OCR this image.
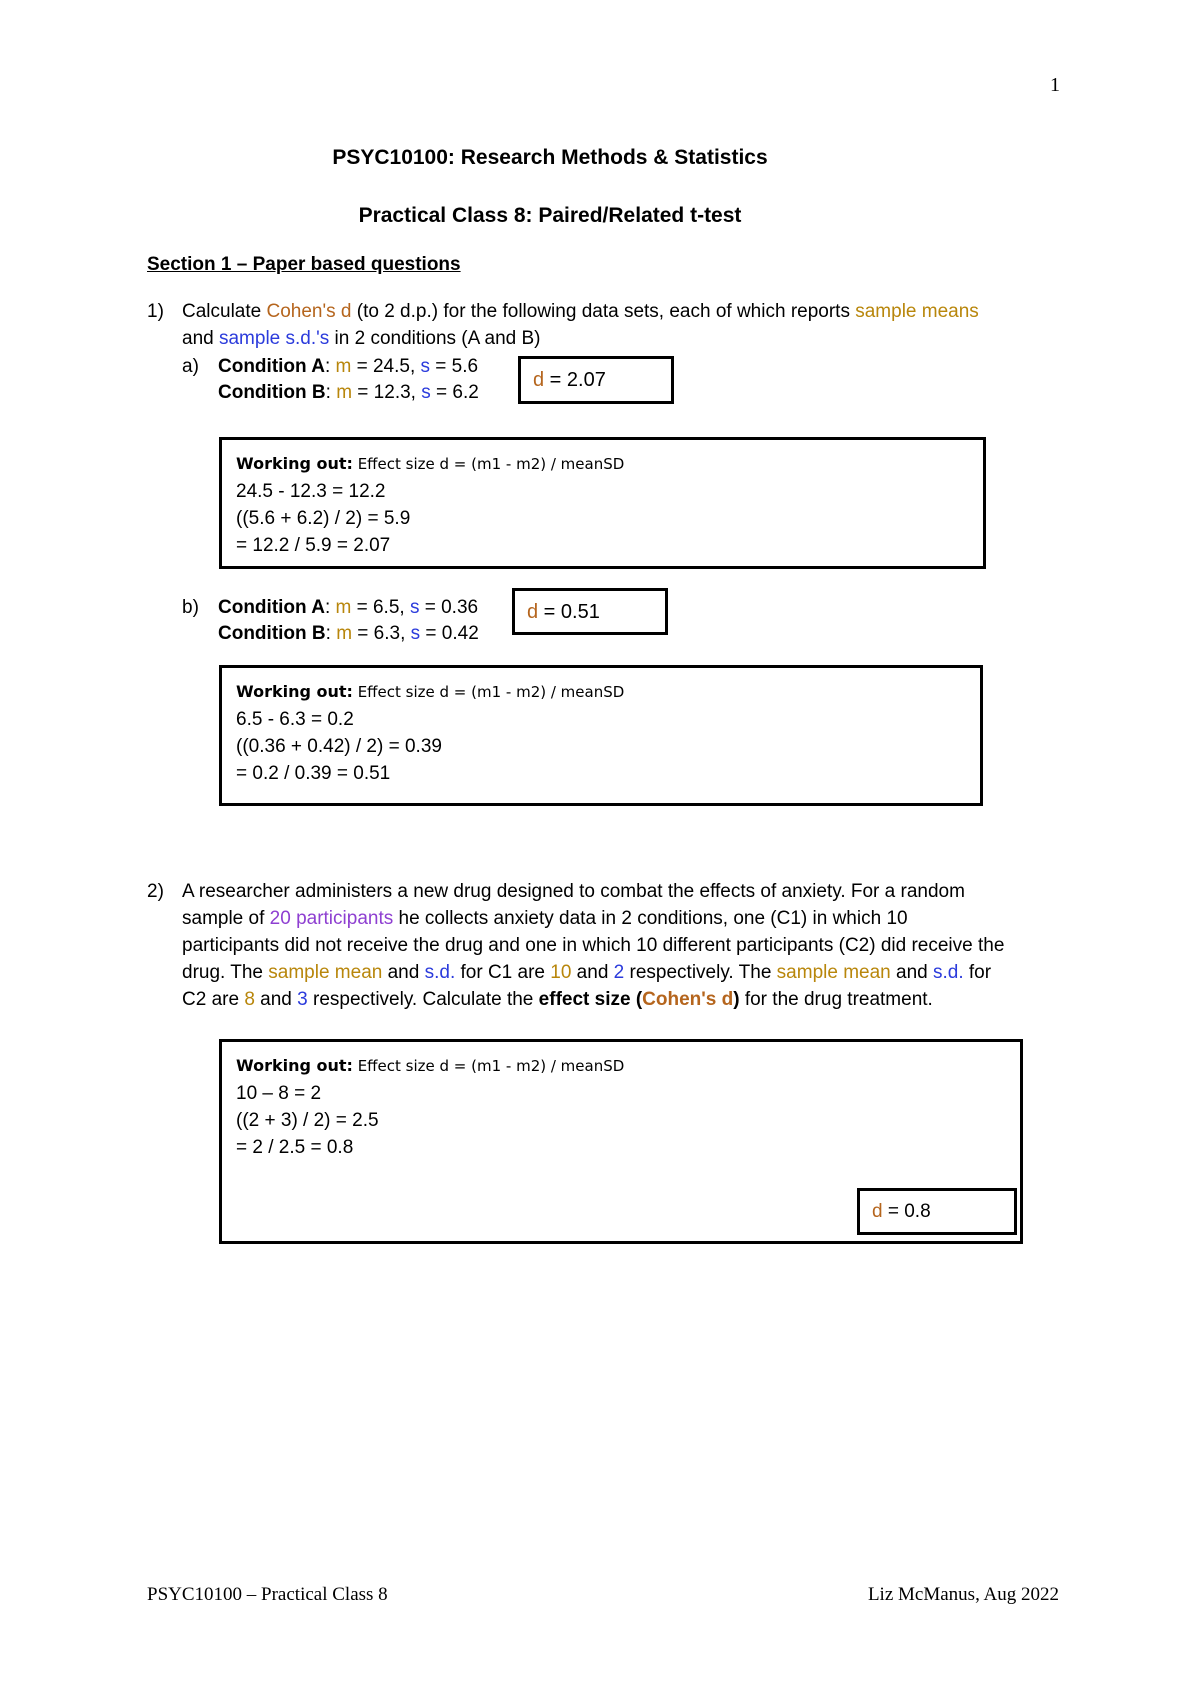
1
PSYC10100: Research Methods & Statistics
Practical Class 8: Paired/Related t-test
Section 1 – Paper based questions
1) Calculate Cohen's d (to 2 d.p.) for the following data sets, each of which reports sample means
and sample s.d.'s in 2 conditions (A and B)
a) Condition A: m = 24.5, s = 5.6
Condition B: m = 12.3, s = 6.2
d = 2.07
Working out: Effect size d = (m1 - m2) / meanSD
24.5 - 12.3 = 12.2
((5.6 + 6.2) / 2) = 5.9
= 12.2 / 5.9 = 2.07
b) Condition A: m = 6.5, s = 0.36
Condition B: m = 6.3, s = 0.42
d = 0.51
Working out: Effect size d = (m1 - m2) / meanSD
6.5 - 6.3 = 0.2
((0.36 + 0.42) / 2) = 0.39
= 0.2 / 0.39 = 0.51
2) A researcher administers a new drug designed to combat the effects of anxiety. For a random
sample of 20 participants he collects anxiety data in 2 conditions, one (C1) in which 10
participants did not receive the drug and one in which 10 different participants (C2) did receive the
drug. The sample mean and s.d. for C1 are 10 and 2 respectively. The sample mean and s.d. for
C2 are 8 and 3 respectively. Calculate the effect size (Cohen's d) for the drug treatment.
Working out: Effect size d = (m1 - m2) / meanSD
10 – 8 = 2
((2 + 3) / 2) = 2.5
= 2 / 2.5 = 0.8
d = 0.8
PSYC10100 – Practical Class 8	Liz McManus, Aug 2022
